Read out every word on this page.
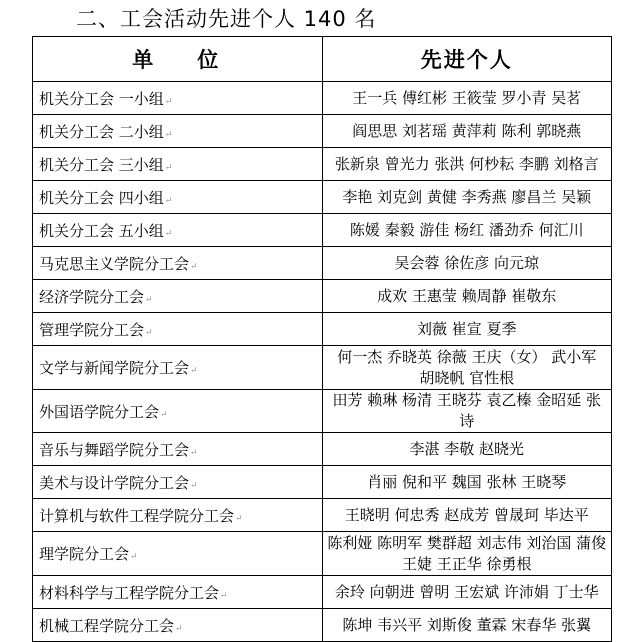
二、工会活动先进个人 140 名
单位	先进个人
机关分工会 一小组↵	王一兵 傅红彬 王筱莹 罗小青 吴茗
机关分工会 二小组↵	阎思思 刘茗瑶 黄萍莉 陈利 郭晓燕
机关分工会 三小组↵	张新泉 曾光力 张洪 何杪耘 李鹏 刘格言
机关分工会 四小组↵	李艳 刘克剑 黄健 李秀燕 廖昌兰 吴颖
机关分工会 五小组↵	陈媛 秦毅 游佳 杨红 潘劲乔 何汇川
马克思主义学院分工会↵	吴会蓉 徐佐彦 向元琼
经济学院分工会↵	成欢 王惠莹 赖周静 崔敬东
管理学院分工会↵	刘薇 崔宣 夏季
文学与新闻学院分工会↵	何一杰 乔晓英 徐薇 王庆（女） 武小军
胡晓帆 官性根

外国语学院分工会↵	田芳 赖琳 杨清 王晓芬 袁乙榛 金昭延 张诗
音乐与舞蹈学院分工会↵	李湛 李敬 赵晓光
美术与设计学院分工会↵	肖丽 倪和平 魏国 张林 王晓琴
计算机与软件工程学院分工会↵	王晓明 何忠秀 赵成芳 曾晟珂 毕达平
理学院分工会↵	陈利娅 陈明军 樊群超 刘志伟 刘治国 蒲俊
王婕 王正华 徐勇根

材料科学与工程学院分工会↵	余玲 向朝进 曾明 王宏斌 许沛娟 丁士华
机械工程学院分工会↵	陈坤 韦兴平 刘斯俊 董霖 宋春华 张翼
